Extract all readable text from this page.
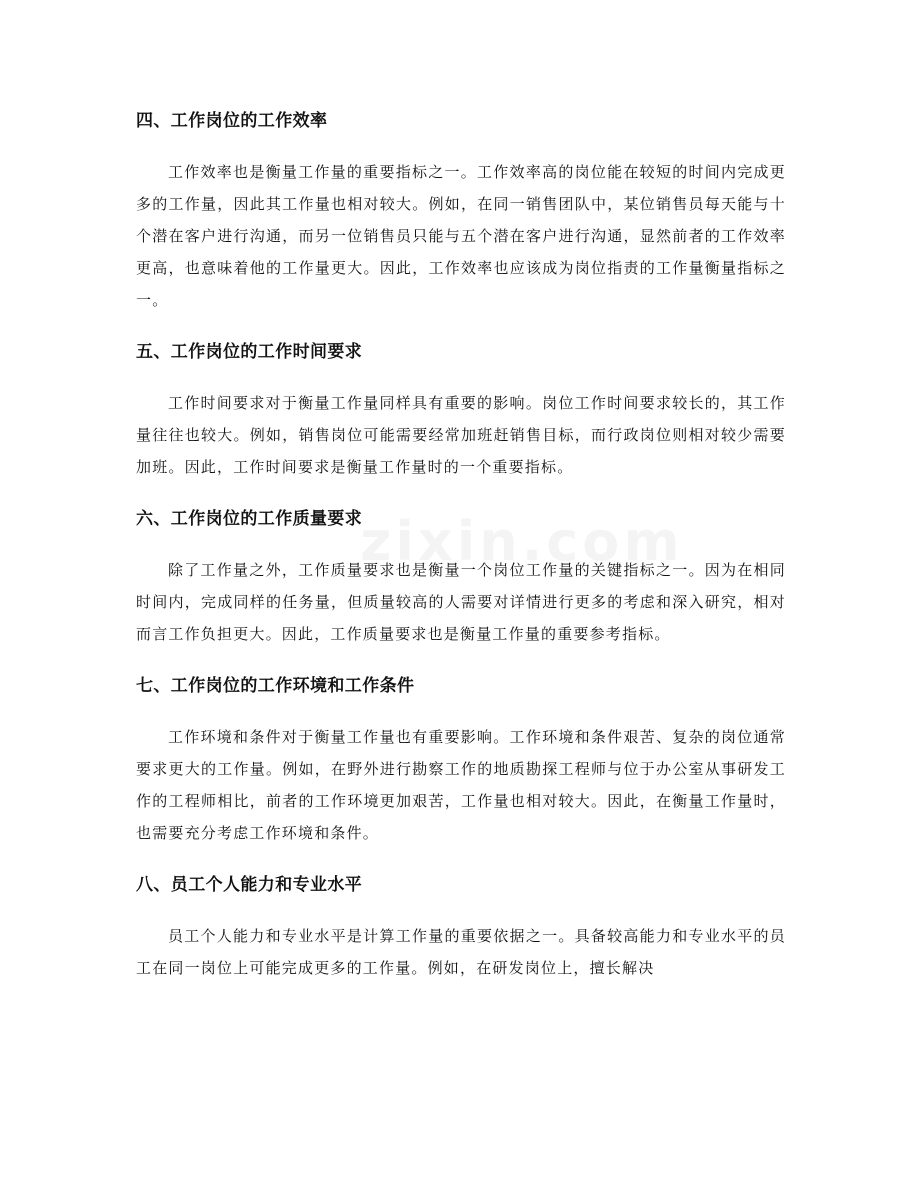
四、工作岗位的工作效率

工作效率也是衡量工作量的重要指标之一。工作效率高的岗位能在较短的时间内完成更多的工作量，因此其工作量也相对较大。例如，在同一销售团队中，某位销售员每天能与十个潜在客户进行沟通，而另一位销售员只能与五个潜在客户进行沟通，显然前者的工作效率更高，也意味着他的工作量更大。因此，工作效率也应该成为岗位指责的工作量衡量指标之一。

五、工作岗位的工作时间要求

工作时间要求对于衡量工作量同样具有重要的影响。岗位工作时间要求较长的，其工作量往往也较大。例如，销售岗位可能需要经常加班赶销售目标，而行政岗位则相对较少需要加班。因此，工作时间要求是衡量工作量时的一个重要指标。

六、工作岗位的工作质量要求

除了工作量之外，工作质量要求也是衡量一个岗位工作量的关键指标之一。因为在相同时间内，完成同样的任务量，但质量较高的人需要对详情进行更多的考虑和深入研究，相对而言工作负担更大。因此，工作质量要求也是衡量工作量的重要参考指标。

七、工作岗位的工作环境和工作条件

工作环境和条件对于衡量工作量也有重要影响。工作环境和条件艰苦、复杂的岗位通常要求更大的工作量。例如，在野外进行勘察工作的地质勘探工程师与位于办公室从事研发工作的工程师相比，前者的工作环境更加艰苦，工作量也相对较大。因此，在衡量工作量时，也需要充分考虑工作环境和条件。

八、员工个人能力和专业水平

员工个人能力和专业水平是计算工作量的重要依据之一。具备较高能力和专业水平的员工在同一岗位上可能完成更多的工作量。例如，在研发岗位上，擅长解决
